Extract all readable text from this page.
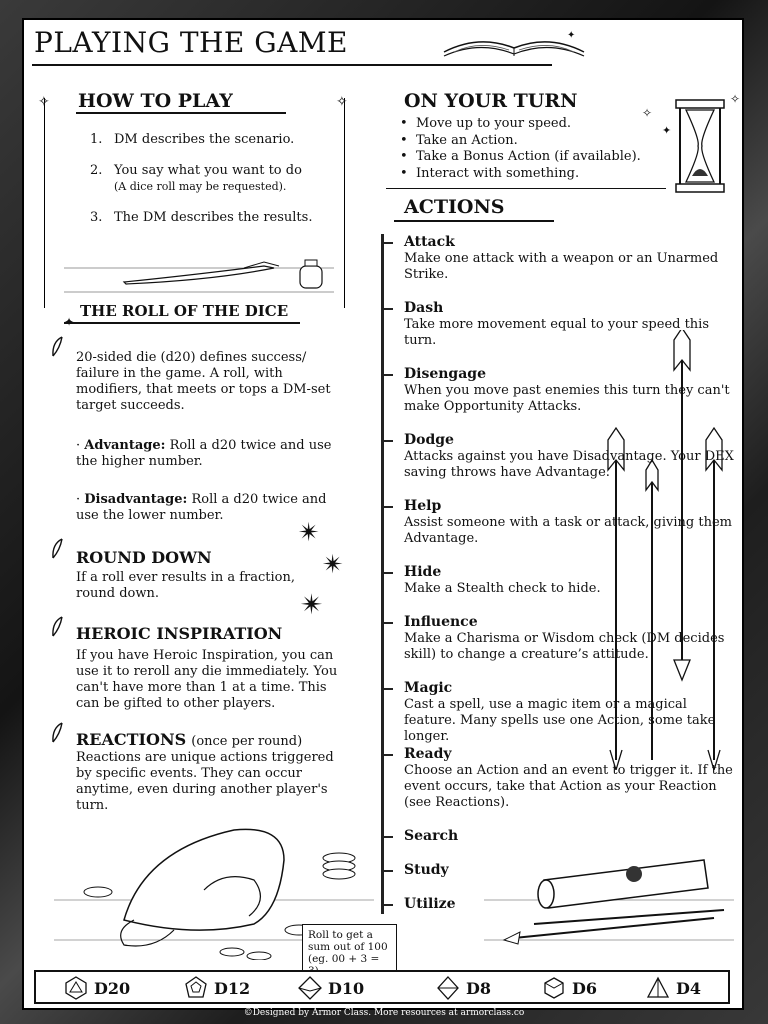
PLAYING THE GAME	✦
✧	✧
HOW TO PLAY
1. DM describes the scenario.
2. You say what you want to do
(A dice roll may be requested).
3. The DM describes the results.
THE ROLL OF THE DICE
✦
20-sided die (d20) defines success/ failure in the game. A roll, with modifiers, that meets or tops a DM-set target succeeds.
· Advantage: Roll a d20 twice and use the higher number.
· Disadvantage: Roll a d20 twice and use the lower number.
✴
✴
✴
ROUND DOWN
If a roll ever results in a fraction, round down.
HEROIC INSPIRATION
If you have Heroic Inspiration, you can use it to reroll any die immediately. You can't have more than 1 at a time. This can be gifted to other players.
REACTIONS (once per round)
Reactions are unique actions triggered by specific events. They can occur anytime, even during another player's turn.
ON YOUR TURN
• Move up to your speed.
• Take an Action.
• Take a Bonus Action (if available).
• Interact with something.
✧
✦
✧
ACTIONS
Attack
Make one attack with a weapon or an Unarmed Strike.
Dash
Take more movement equal to your speed this turn.
Disengage
When you move past enemies this turn they can't make Opportunity Attacks.
Dodge
Attacks against you have Disadvantage. Your DEX saving throws have Advantage.
Help
Assist someone with a task or attack, giving them Advantage.
Hide
Make a Stealth check to hide.
Influence
Make a Charisma or Wisdom check (DM decides skill) to change a creature’s attitude.
Magic
Cast a spell, use a magic item or a magical feature. Many spells use one Action, some take longer.
Ready
Choose an Action and an event to trigger it. If the event occurs, take that Action as your Reaction (see Reactions).
Search
Study
Utilize
Roll to get a sum out of 100 (eg. 00 + 3 =
D20	D12	D10	D8	D6	D4
©Designed by Armor Class. More resources at armorclass.co
